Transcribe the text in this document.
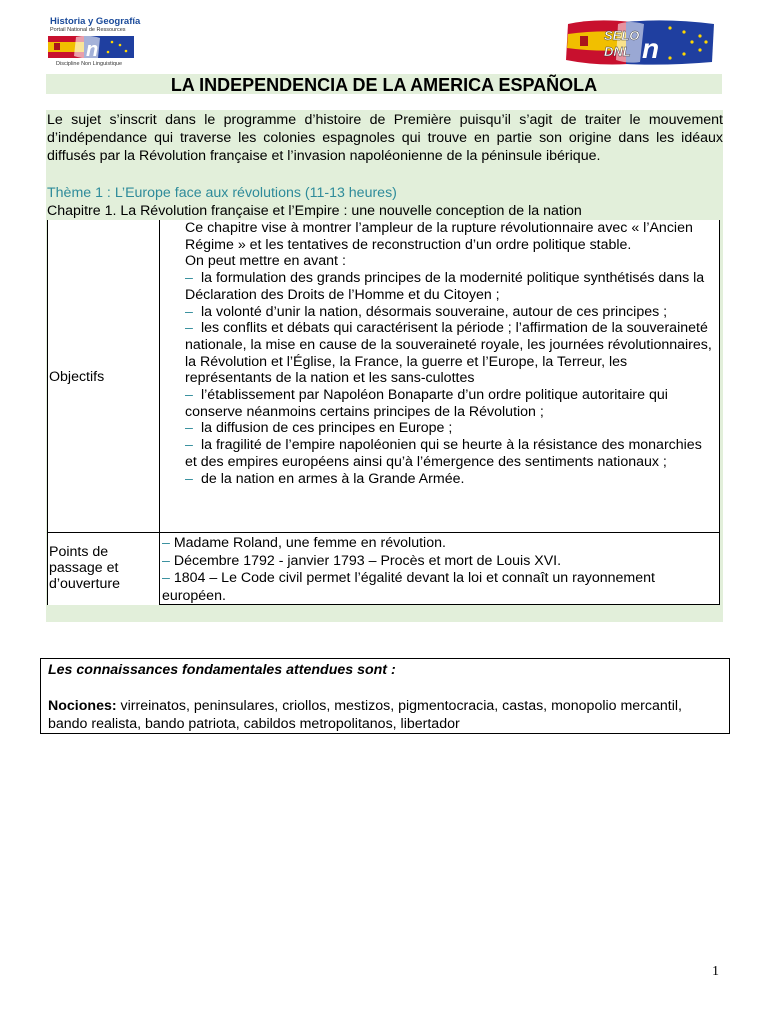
Historia y Geografía
Portail National de Ressources
n
Discipline Non Linguistique
SELO
DNL n
LA INDEPENDENCIA DE LA AMERICA ESPAÑOLA
Le sujet s’inscrit dans le programme d’histoire de Première puisqu’il s’agit de traiter le mouvement d’indépendance qui traverse les colonies espagnoles qui trouve en partie son origine dans les idéaux diffusés par la Révolution française et l’invasion napoléonienne de la péninsule ibérique.
Thème 1 : L’Europe face aux révolutions (11-13 heures)
Chapitre 1. La Révolution française et l’Empire : une nouvelle conception de la nation
Objectifs
Ce chapitre vise à montrer l’ampleur de la rupture révolutionnaire avec « l’Ancien Régime » et les tentatives de reconstruction d’un ordre politique stable.
On peut mettre en avant :
– la formulation des grands principes de la modernité politique synthétisés dans la Déclaration des Droits de l’Homme et du Citoyen ;
– la volonté d’unir la nation, désormais souveraine, autour de ces principes ;
– les conflits et débats qui caractérisent la période ; l’affirmation de la souveraineté nationale, la mise en cause de la souveraineté royale, les journées révolutionnaires, la Révolution et l’Église, la France, la guerre et l’Europe, la Terreur, les représentants de la nation et les sans-culottes
– l’établissement par Napoléon Bonaparte d’un ordre politique autoritaire qui conserve néanmoins certains principes de la Révolution ;
– la diffusion de ces principes en Europe ;
– la fragilité de l’empire napoléonien qui se heurte à la résistance des monarchies et des empires européens ainsi qu’à l’émergence des sentiments nationaux ;
– de la nation en armes à la Grande Armée.
Points de
passage et
d’ouverture
– Madame Roland, une femme en révolution.
– Décembre 1792 - janvier 1793 – Procès et mort de Louis XVI.
– 1804 – Le Code civil permet l’égalité devant la loi et connaît un rayonnement européen.
Les connaissances fondamentales attendues sont :
Nociones: virreinatos, peninsulares, criollos, mestizos, pigmentocracia, castas, monopolio mercantil, bando realista, bando patriota, cabildos metropolitanos, libertador
1
